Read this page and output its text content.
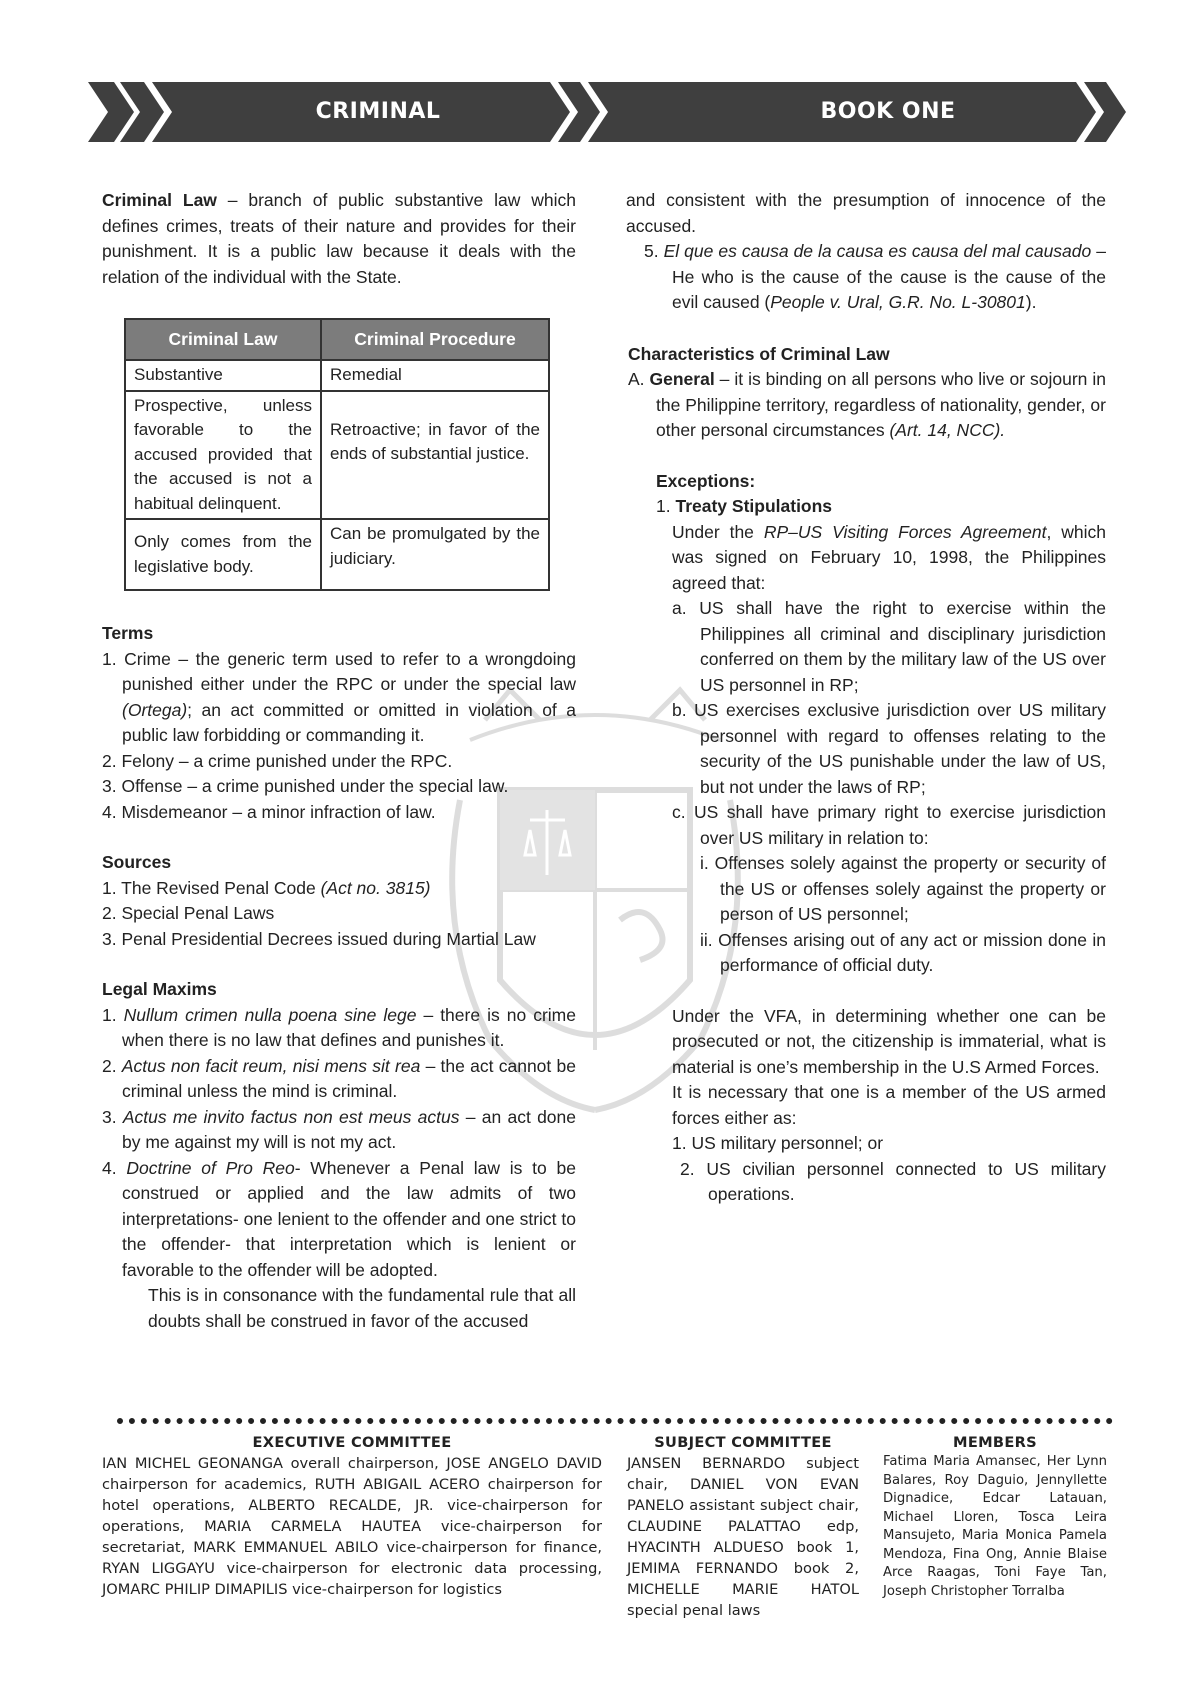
CRIMINAL LAW
BOOK ONE

Criminal Law – branch of public substantive law which defines crimes, treats of their nature and provides for their punishment. It is a public law because it deals with the relation of the individual with the State.

Criminal Law	Criminal Procedure
Substantive	Remedial
Prospective, unless favorable to the accused provided that the accused is not a habitual delinquent.	Retroactive; in favor of the ends of substantial justice.
Only comes from the legislative body.	Can be promulgated by the judiciary.

Terms

1. Crime – the generic term used to refer to a wrongdoing punished either under the RPC or under the special law (Ortega); an act committed or omitted in violation of a public law forbidding or commanding it.

2. Felony – a crime punished under the RPC.

3. Offense – a crime punished under the special law.

4. Misdemeanor – a minor infraction of law.

Sources

1. The Revised Penal Code (Act no. 3815)

2. Special Penal Laws

3. Penal Presidential Decrees issued during Martial Law

Legal Maxims

1. Nullum crimen nulla poena sine lege – there is no crime when there is no law that defines and punishes it.

2. Actus non facit reum, nisi mens sit rea – the act cannot be criminal unless the mind is criminal.

3. Actus me invito factus non est meus actus – an act done by me against my will is not my act.

4. Doctrine of Pro Reo- Whenever a Penal law is to be construed or applied and the law admits of two interpretations- one lenient to the offender and one strict to the offender- that interpretation which is lenient or favorable to the offender will be adopted.

This is in consonance with the fundamental rule that all doubts shall be construed in favor of the accused

and consistent with the presumption of innocence of the accused.

5. El que es causa de la causa es causa del mal causado – He who is the cause of the cause is the cause of the evil caused (People v. Ural, G.R. No. L-30801).

Characteristics of Criminal Law

A. General – it is binding on all persons who live or sojourn in the Philippine territory, regardless of nationality, gender, or other personal circumstances (Art. 14, NCC).

Exceptions:

1. Treaty Stipulations

Under the RP–US Visiting Forces Agreement, which was signed on February 10, 1998, the Philippines agreed that:

a. US shall have the right to exercise within the Philippines all criminal and disciplinary jurisdiction conferred on them by the military law of the US over US personnel in RP;

b. US exercises exclusive jurisdiction over US military personnel with regard to offenses relating to the security of the US punishable under the law of US, but not under the laws of RP;

c. US shall have primary right to exercise jurisdiction over US military in relation to:

i. Offenses solely against the property or security of the US or offenses solely against the property or person of US personnel;

ii. Offenses arising out of any act or mission done in performance of official duty.

Under the VFA, in determining whether one can be prosecuted or not, the citizenship is immaterial, what is material is one’s membership in the U.S Armed Forces.

It is necessary that one is a member of the US armed forces either as:

1. US military personnel; or

2. US civilian personnel connected to US military operations.

EXECUTIVE COMMITTEE
IAN MICHEL GEONANGA overall chairperson, JOSE ANGELO DAVID chairperson for academics, RUTH ABIGAIL ACERO chairperson for hotel operations, ALBERTO RECALDE, JR. vice-chairperson for operations, MARIA CARMELA HAUTEA vice-chairperson for secretariat, MARK EMMANUEL ABILO vice-chairperson for finance, RYAN LIGGAYU vice-chairperson for electronic data processing, JOMARC PHILIP DIMAPILIS vice-chairperson for logistics
SUBJECT COMMITTEE
JANSEN BERNARDO subject chair, DANIEL VON EVAN PANELO assistant subject chair, CLAUDINE PALATTAO edp, HYACINTH ALDUESO book 1, JEMIMA FERNANDO book 2, MICHELLE MARIE HATOL special penal laws
MEMBERS
Fatima Maria Amansec, Her Lynn Balares, Roy Daguio, Jennyllette Dignadice, Edcar Latauan, Michael Lloren, Tosca Leira Mansujeto, Maria Monica Pamela Mendoza, Fina Ong, Annie Blaise Arce Raagas, Toni Faye Tan, Joseph Christopher Torralba
